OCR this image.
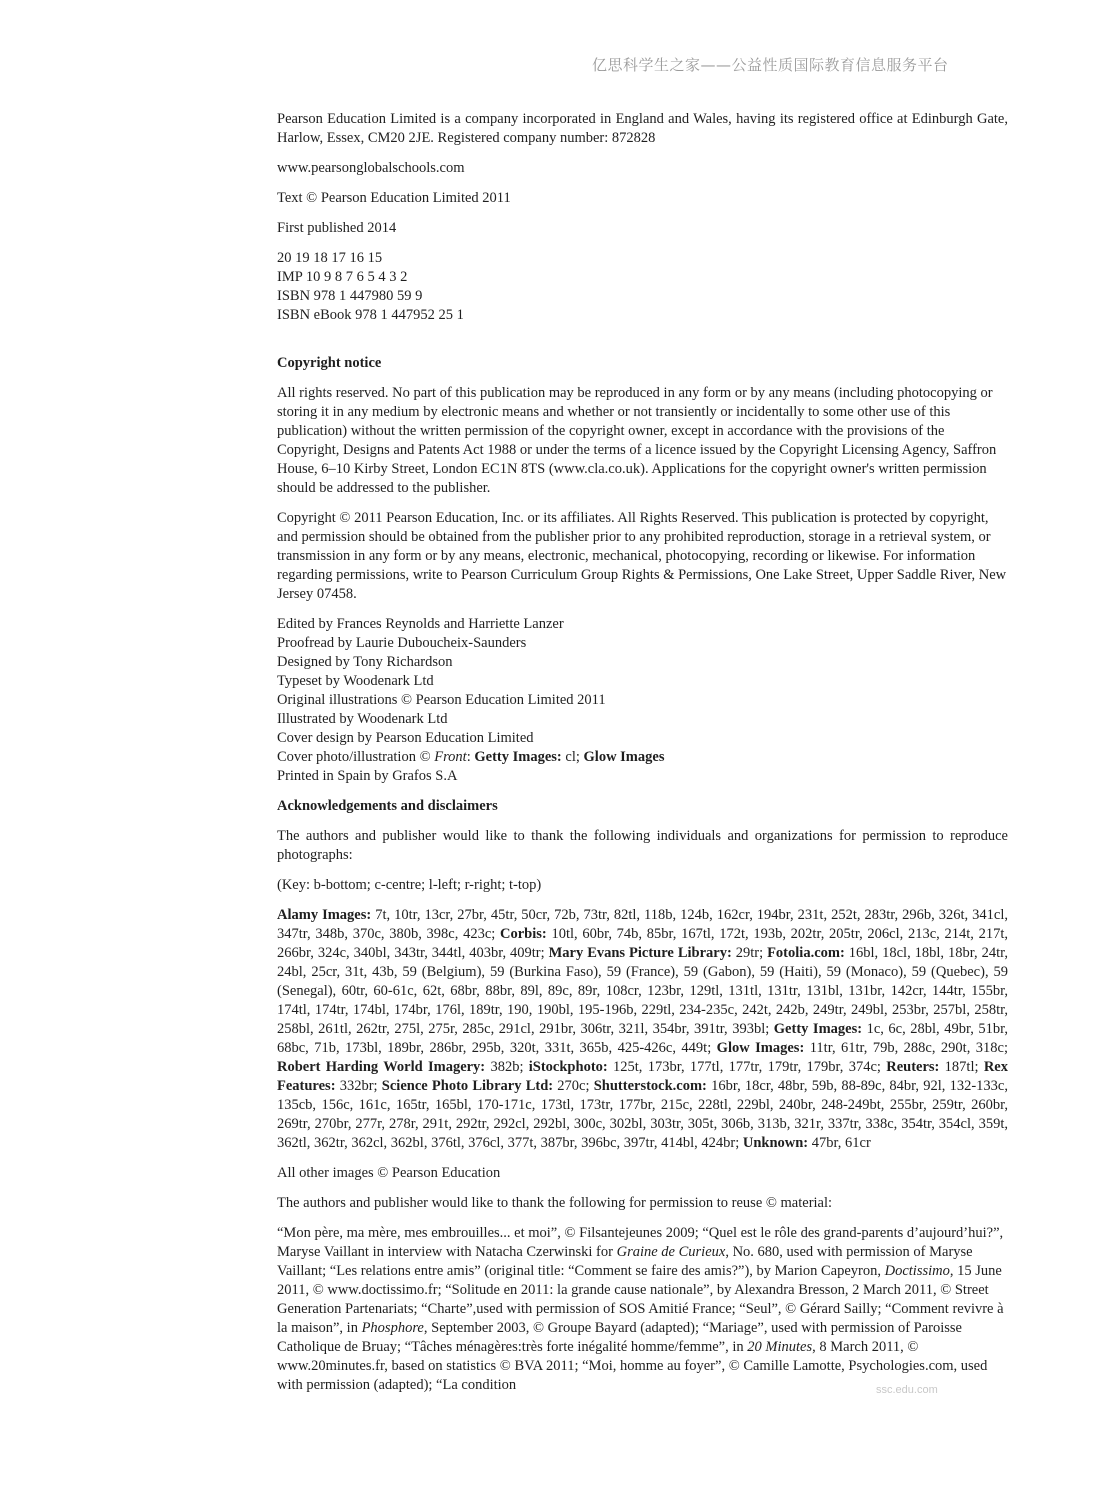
亿思科学生之家——公益性质国际教育信息服务平台

Pearson Education Limited is a company incorporated in England and Wales, having its registered office at Edinburgh Gate, Harlow, Essex, CM20 2JE. Registered company number: 872828

www.pearsonglobalschools.com

Text © Pearson Education Limited 2011

First published 2014

20 19 18 17 16 15
IMP 10 9 8 7 6 5 4 3 2
ISBN 978 1 447980 59 9
ISBN eBook 978 1 447952 25 1

Copyright notice

All rights reserved. No part of this publication may be reproduced in any form or by any means (including photocopying or storing it in any medium by electronic means and whether or not transiently or incidentally to some other use of this publication) without the written permission of the copyright owner, except in accordance with the provisions of the Copyright, Designs and Patents Act 1988 or under the terms of a licence issued by the Copyright Licensing Agency, Saffron House, 6–10 Kirby Street, London EC1N 8TS (www.cla.co.uk). Applications for the copyright owner's written permission should be addressed to the publisher.

Copyright © 2011 Pearson Education, Inc. or its affiliates. All Rights Reserved. This publication is protected by copyright, and permission should be obtained from the publisher prior to any prohibited reproduction, storage in a retrieval system, or transmission in any form or by any means, electronic, mechanical, photocopying, recording or likewise. For information regarding permissions, write to Pearson Curriculum Group Rights & Permissions, One Lake Street, Upper Saddle River, New Jersey 07458.

Edited by Frances Reynolds and Harriette Lanzer
Proofread by Laurie Duboucheix-Saunders
Designed by Tony Richardson
Typeset by Woodenark Ltd
Original illustrations © Pearson Education Limited 2011
Illustrated by Woodenark Ltd
Cover design by Pearson Education Limited
Cover photo/illustration © Front: Getty Images: cl; Glow Images
Printed in Spain by Grafos S.A

Acknowledgements and disclaimers

The authors and publisher would like to thank the following individuals and organizations for permission to reproduce photographs:

(Key: b-bottom; c-centre; l-left; r-right; t-top)

Alamy Images: 7t, 10tr, 13cr, 27br, 45tr, 50cr, 72b, 73tr, 82tl, 118b, 124b, 162cr, 194br, 231t, 252t, 283tr, 296b, 326t, 341cl, 347tr, 348b, 370c, 380b, 398c, 423c; Corbis: 10tl, 60br, 74b, 85br, 167tl, 172t, 193b, 202tr, 205tr, 206cl, 213c, 214t, 217t, 266br, 324c, 340bl, 343tr, 344tl, 403br, 409tr; Mary Evans Picture Library: 29tr; Fotolia.com: 16bl, 18cl, 18bl, 18br, 24tr, 24bl, 25cr, 31t, 43b, 59 (Belgium), 59 (Burkina Faso), 59 (France), 59 (Gabon), 59 (Haiti), 59 (Monaco), 59 (Quebec), 59 (Senegal), 60tr, 60-61c, 62t, 68br, 88br, 89l, 89c, 89r, 108cr, 123br, 129tl, 131tl, 131tr, 131bl, 131br, 142cr, 144tr, 155br, 174tl, 174tr, 174bl, 174br, 176l, 189tr, 190, 190bl, 195-196b, 229tl, 234-235c, 242t, 242b, 249tr, 249bl, 253br, 257bl, 258tr, 258bl, 261tl, 262tr, 275l, 275r, 285c, 291cl, 291br, 306tr, 321l, 354br, 391tr, 393bl; Getty Images: 1c, 6c, 28bl, 49br, 51br, 68bc, 71b, 173bl, 189br, 286br, 295b, 320t, 331t, 365b, 425-426c, 449t; Glow Images: 11tr, 61tr, 79b, 288c, 290t, 318c; Robert Harding World Imagery: 382b; iStockphoto: 125t, 173br, 177tl, 177tr, 179tr, 179br, 374c; Reuters: 187tl; Rex Features: 332br; Science Photo Library Ltd: 270c; Shutterstock.com: 16br, 18cr, 48br, 59b, 88-89c, 84br, 92l, 132-133c, 135cb, 156c, 161c, 165tr, 165bl, 170-171c, 173tl, 173tr, 177br, 215c, 228tl, 229bl, 240br, 248-249bt, 255br, 259tr, 260br, 269tr, 270br, 277r, 278r, 291t, 292tr, 292cl, 292bl, 300c, 302bl, 303tr, 305t, 306b, 313b, 321r, 337tr, 338c, 354tr, 354cl, 359t, 362tl, 362tr, 362cl, 362bl, 376tl, 376cl, 377t, 387br, 396bc, 397tr, 414bl, 424br; Unknown: 47br, 61cr

All other images © Pearson Education

The authors and publisher would like to thank the following for permission to reuse © material:

“Mon père, ma mère, mes embrouilles... et moi”, © Filsantejeunes 2009; “Quel est le rôle des grand-parents d’aujourd’hui?”, Maryse Vaillant in interview with Natacha Czerwinski for Graine de Curieux, No. 680, used with permission of Maryse Vaillant; “Les relations entre amis” (original title: “Comment se faire des amis?”), by Marion Capeyron, Doctissimo, 15 June 2011, © www.doctissimo.fr; “Solitude en 2011: la grande cause nationale”, by Alexandra Bresson, 2 March 2011, © Street Generation Partenariats; “Charte”,used with permission of SOS Amitié France; “Seul”, © Gérard Sailly; “Comment revivre à la maison”, in Phosphore, September 2003, © Groupe Bayard (adapted); “Mariage”, used with permission of Paroisse Catholique de Bruay; “Tâches ménagères:très forte inégalité homme/femme”, in 20 Minutes, 8 March 2011, © www.20minutes.fr, based on statistics © BVA 2011; “Moi, homme au foyer”, © Camille Lamotte, Psychologies.com, used with permission (adapted); “La condition	ssc.edu.com
